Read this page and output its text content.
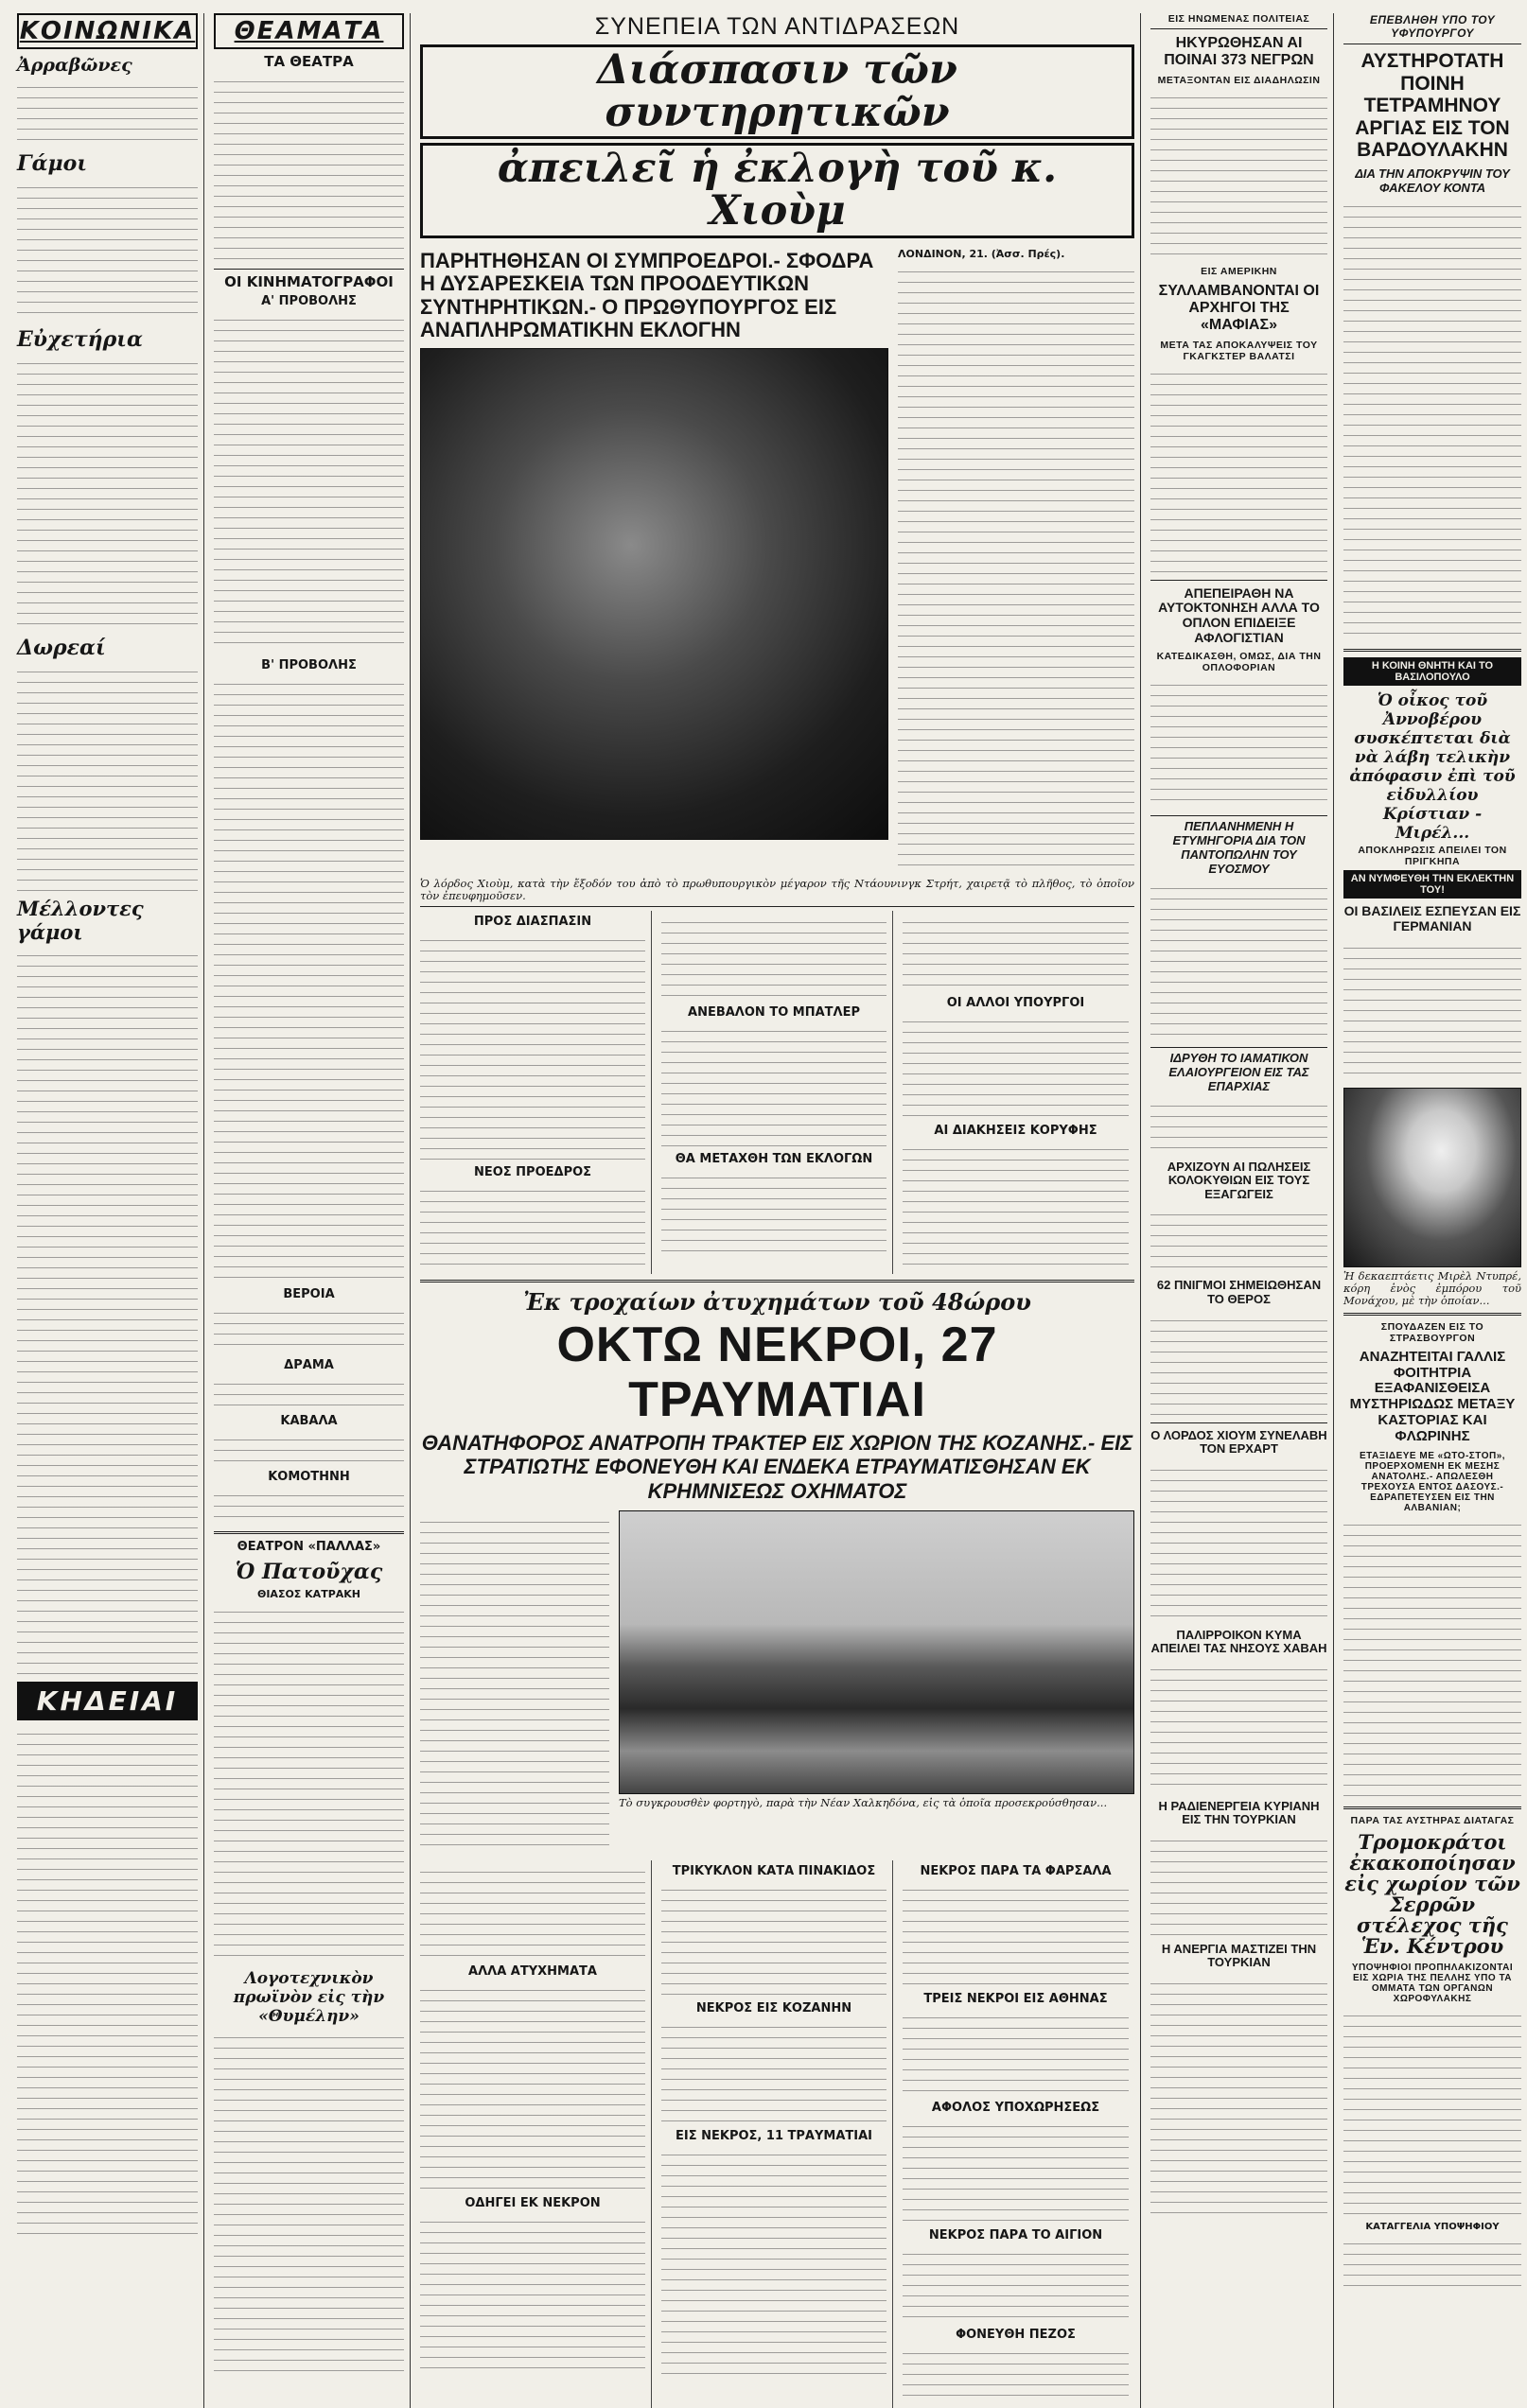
ΚΟΙΝΩΝΙΚΑ
Ἀρραβῶνες
Γάμοι
Εὐχετήρια
Δωρεαί
Μέλλοντες γάμοι
ΚΗΔΕΙΑΙ
ΘΕΑΜΑΤΑ
ΤΑ ΘΕΑΤΡΑ
ΟΙ ΚΙΝΗΜΑΤΟΓΡΑΦΟΙ
Α' ΠΡΟΒΟΛΗΣ
Β' ΠΡΟΒΟΛΗΣ
ΒΕΡΟΙΑ
ΔΡΑΜΑ
ΚΑΒΑΛΑ
ΚΟΜΟΤΗΝΗ
ΘΕΑΤΡΟΝ «ΠΑΛΛΑΣ»
Ὁ Πατοῦχας
ΘΙΑΣΟΣ ΚΑΤΡΑΚΗ
Λογοτεχνικὸν πρωϊνὸν εἰς τὴν «Θυμέλην»
ΣΥΝΕΠΕΙΑ ΤΩΝ ΑΝΤΙΔΡΑΣΕΩΝ
Διάσπασιν τῶν συντηρητικῶν
ἀπειλεῖ ἡ ἐκλογὴ τοῦ κ. Χιοὺμ
ΠΑΡΗΤΗΘΗΣΑΝ ΟΙ ΣΥΜΠΡΟΕΔΡΟΙ.- ΣΦΟΔΡΑ Η ΔΥΣΑΡΕΣΚΕΙΑ ΤΩΝ ΠΡΟΟΔΕΥΤΙΚΩΝ ΣΥΝΤΗΡΗΤΙΚΩΝ.- Ο ΠΡΩΘΥΠΟΥΡΓΟΣ ΕΙΣ ΑΝΑΠΛΗΡΩΜΑΤΙΚΗΝ ΕΚΛΟΓΗΝ
ΛΟΝΔΙΝΟΝ, 21. (Ἀσσ. Πρές).
Ὁ λόρδος Χιοὺμ, κατὰ τὴν ἔξοδόν του ἀπὸ τὸ πρωθυπουργικὸν μέγαρον τῆς Ντάουνινγκ Στρήτ, χαιρετᾷ τὸ πλῆθος, τὸ ὁποῖον τὸν ἐπευφημοῦσεν.
ΠΡΟΣ ΔΙΑΣΠΑΣΙΝ
ΝΕΟΣ ΠΡΟΕΔΡΟΣ
ΑΝΕΒΑΛΟΝ ΤΟ ΜΠΑΤΛΕΡ
ΘΑ ΜΕΤΑΧΘΗ ΤΩΝ ΕΚΛΟΓΩΝ
ΟΙ ΑΛΛΟΙ ΥΠΟΥΡΓΟΙ
ΑΙ ΔΙΑΚΗΣΕΙΣ ΚΟΡΥΦΗΣ
Ἐκ τροχαίων ἀτυχημάτων τοῦ 48ώρου
ΟΚΤΩ ΝΕΚΡΟΙ, 27 ΤΡΑΥΜΑΤΙΑΙ
ΘΑΝΑΤΗΦΟΡΟΣ ΑΝΑΤΡΟΠΗ ΤΡΑΚΤΕΡ ΕΙΣ ΧΩΡΙΟΝ ΤΗΣ ΚΟΖΑΝΗΣ.- ΕΙΣ ΣΤΡΑΤΙΩΤΗΣ ΕΦΟΝΕΥΘΗ ΚΑΙ ΕΝΔΕΚΑ ΕΤΡΑΥΜΑΤΙΣΘΗΣΑΝ ΕΚ ΚΡΗΜΝΙΣΕΩΣ ΟΧΗΜΑΤΟΣ
Τὸ συγκρουσθὲν φορτηγὸ, παρὰ τὴν Νέαν Χαλκηδόνα, εἰς τὰ ὁποῖα προσεκρούσθησαν...
ΑΛΛΑ ΑΤΥΧΗΜΑΤΑ
ΟΔΗΓΕΙ ΕΚ ΝΕΚΡΟΝ
ΤΡΙΚΥΚΛΟΝ ΚΑΤΑ ΠΙΝΑΚΙΔΟΣ
ΝΕΚΡΟΣ ΕΙΣ ΚΟΖΑΝΗΝ
ΕΙΣ ΝΕΚΡΟΣ, 11 ΤΡΑΥΜΑΤΙΑΙ
ΝΕΚΡΟΣ ΠΑΡΑ ΤΑ ΦΑΡΣΑΛΑ
ΤΡΕΙΣ ΝΕΚΡΟΙ ΕΙΣ ΑΘΗΝΑΣ
ΑΦΟΛΟΣ ΥΠΟΧΩΡΗΣΕΩΣ
ΝΕΚΡΟΣ ΠΑΡΑ ΤΟ ΑΙΓΙΟΝ
ΦΟΝΕΥΘΗ ΠΕΖΟΣ
ΕΙΣ ΗΝΩΜΕΝΑΣ ΠΟΛΙΤΕΙΑΣ
ΗΚΥΡΩΘΗΣΑΝ ΑΙ ΠΟΙΝΑΙ 373 ΝΕΓΡΩΝ
ΜΕΤΑΞΟΝΤΑΝ ΕΙΣ ΔΙΑΔΗΛΩΣΙΝ
ΕΙΣ ΑΜΕΡΙΚΗΝ
ΣΥΛΛΑΜΒΑΝΟΝΤΑΙ ΟΙ ΑΡΧΗΓΟΙ ΤΗΣ «ΜΑΦΙΑΣ»
ΜΕΤΑ ΤΑΣ ΑΠΟΚΑΛΥΨΕΙΣ ΤΟΥ ΓΚΑΓΚΣΤΕΡ ΒΑΛΑΤΣΙ
ΑΠΕΠΕΙΡΑΘΗ ΝΑ ΑΥΤΟΚΤΟΝΗΣΗ ΑΛΛΑ ΤΟ ΟΠΛΟΝ ΕΠΙΔΕΙΞΕ ΑΦΛΟΓΙΣΤΙΑΝ
ΚΑΤΕΔΙΚΑΣΘΗ, ΟΜΩΣ, ΔΙΑ ΤΗΝ ΟΠΛΟΦΟΡΙΑΝ
ΠΕΠΛΑΝΗΜΕΝΗ Η ΕΤΥΜΗΓΟΡΙΑ ΔΙΑ ΤΟΝ ΠΑΝΤΟΠΩΛΗΝ ΤΟΥ ΕΥΟΣΜΟΥ
ΙΔΡΥΘΗ ΤΟ ΙΑΜΑΤΙΚΟΝ ΕΛΑΙΟΥΡΓΕΙΟΝ ΕΙΣ ΤΑΣ ΕΠΑΡΧΙΑΣ
ΑΡΧΙΖΟΥΝ ΑΙ ΠΩΛΗΣΕΙΣ ΚΟΛΟΚΥΘΙΩΝ ΕΙΣ ΤΟΥΣ ΕΞΑΓΩΓΕΙΣ
62 ΠΝΙΓΜΟΙ ΣΗΜΕΙΩΘΗΣΑΝ ΤΟ ΘΕΡΟΣ
Ο ΛΟΡΔΟΣ ΧΙΟΥΜ ΣΥΝΕΛΑΒΗ ΤΟΝ ΕΡΧΑΡΤ
ΠΑΛΙΡΡΟΙΚΟΝ ΚΥΜΑ ΑΠΕΙΛΕΙ ΤΑΣ ΝΗΣΟΥΣ ΧΑΒΑΗ
Η ΡΑΔΙΕΝΕΡΓΕΙΑ ΚΥΡΙΑΝΗ ΕΙΣ ΤΗΝ ΤΟΥΡΚΙΑΝ
Η ΑΝΕΡΓΙΑ ΜΑΣΤΙΖΕΙ ΤΗΝ ΤΟΥΡΚΙΑΝ
ΕΠΕΒΛΗΘΗ ΥΠΟ ΤΟΥ ΥΦΥΠΟΥΡΓΟΥ
ΑΥΣΤΗΡΟΤΑΤΗ ΠΟΙΝΗ ΤΕΤΡΑΜΗΝΟΥ ΑΡΓΙΑΣ ΕΙΣ ΤΟΝ ΒΑΡΔΟΥΛΑΚΗΝ
ΔΙΑ ΤΗΝ ΑΠΟΚΡΥΨΙΝ ΤΟΥ ΦΑΚΕΛΟΥ ΚΟΝΤΑ
Η ΚΟΙΝΗ ΘΝΗΤΗ ΚΑΙ ΤΟ ΒΑΣΙΛΟΠΟΥΛΟ
Ὁ οἶκος τοῦ Ἀννοβέρου συσκέπτεται διὰ νὰ λάβη τελικὴν ἀπόφασιν ἐπὶ τοῦ εἰδυλλίου Κρίστιαν - Μιρέλ...
ΑΠΟΚΛΗΡΩΣΙΣ ΑΠΕΙΛΕΙ ΤΟΝ ΠΡΙΓΚΗΠΑ
ΑΝ ΝΥΜΦΕΥΘΗ ΤΗΝ ΕΚΛΕΚΤΗΝ ΤΟΥ!
ΟΙ ΒΑΣΙΛΕΙΣ ΕΣΠΕΥΣΑΝ ΕΙΣ ΓΕΡΜΑΝΙΑΝ
Ἡ δεκαεπτάετις Μιρὲλ Ντυπρέ, κόρη ἑνὸς ἐμπόρου τοῦ Μονάχου, μὲ τὴν ὁποίαν...
ΣΠΟΥΔΑΖΕΝ ΕΙΣ ΤΟ ΣΤΡΑΣΒΟΥΡΓΟΝ
ΑΝΑΖΗΤΕΙΤΑΙ ΓΑΛΛΙΣ ΦΟΙΤΗΤΡΙΑ ΕΞΑΦΑΝΙΣΘΕΙΣΑ ΜΥΣΤΗΡΙΩΔΩΣ ΜΕΤΑΞΥ ΚΑΣΤΟΡΙΑΣ ΚΑΙ ΦΛΩΡΙΝΗΣ
ΕΤΑΞΙΔΕΥΕ ΜΕ «ΩΤΟ-ΣΤΟΠ», ΠΡΟΕΡΧΟΜΕΝΗ ΕΚ ΜΕΣΗΣ ΑΝΑΤΟΛΗΣ.- ΑΠΩΛΕΣΘΗ ΤΡΕΧΟΥΣΑ ΕΝΤΟΣ ΔΑΣΟΥΣ.- ΕΔΡΑΠΕΤΕΥΣΕΝ ΕΙΣ ΤΗΝ ΑΛΒΑΝΙΑΝ;
ΠΑΡΑ ΤΑΣ ΑΥΣΤΗΡΑΣ ΔΙΑΤΑΓΑΣ
Τρομοκράτοι ἐκακοποίησαν εἰς χωρίον τῶν Σερρῶν στέλεχος τῆς Ἑν. Κέντρου
ΥΠΟΨΗΦΙΟΙ ΠΡΟΠΗΛΑΚΙΖΟΝΤΑΙ ΕΙΣ ΧΩΡΙΑ ΤΗΣ ΠΕΛΛΗΣ ΥΠΟ ΤΑ ΟΜΜΑΤΑ ΤΩΝ ΟΡΓΑΝΩΝ ΧΩΡΟΦΥΛΑΚΗΣ
ΚΑΤΑΓΓΕΛΙΑ ΥΠΟΨΗΦΙΟΥ
